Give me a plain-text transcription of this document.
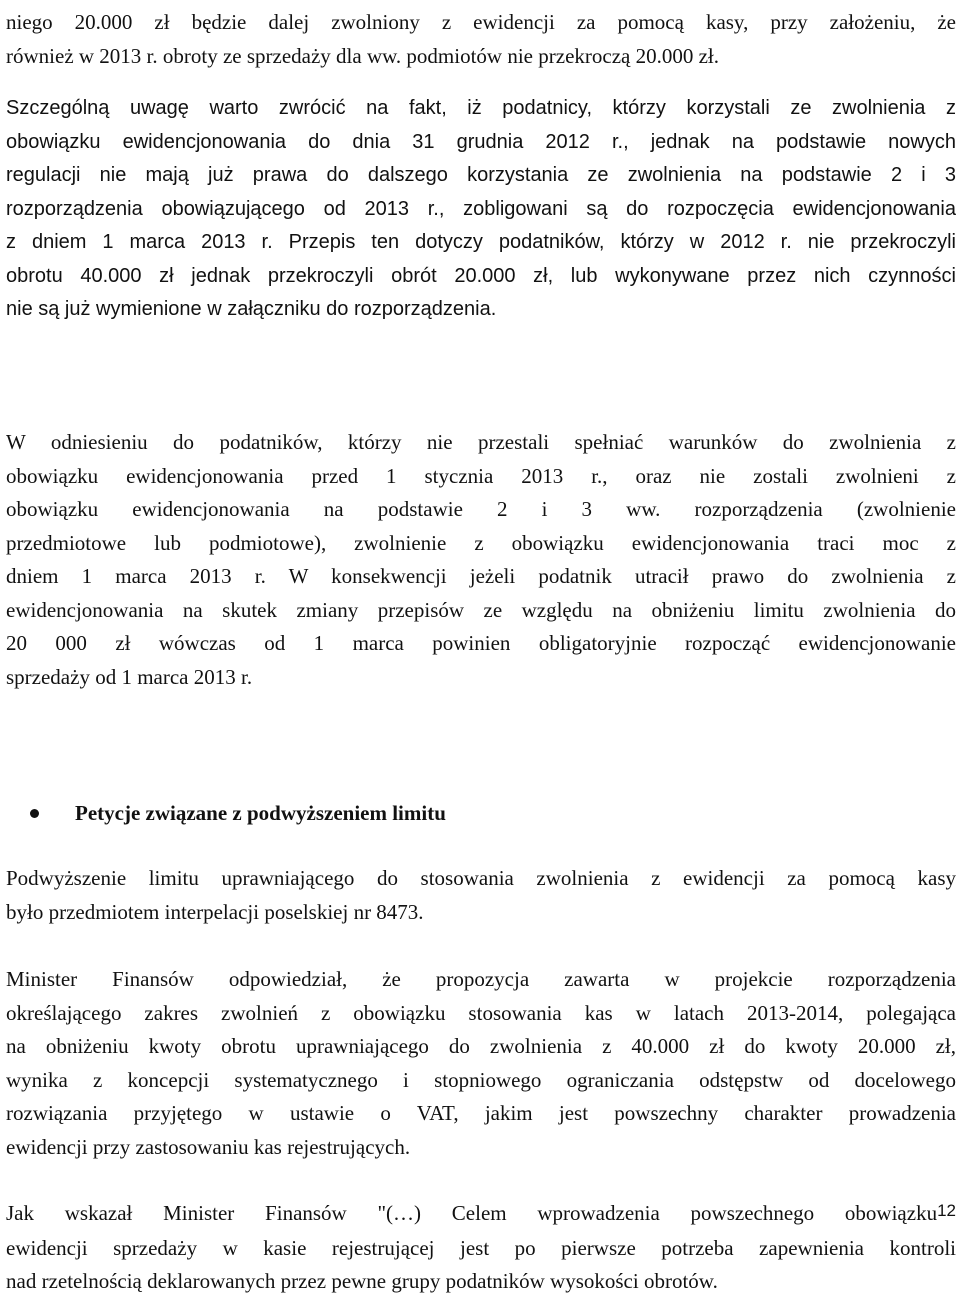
niego 20.000 zł będzie dalej zwolniony z ewidencji za pomocą kasy, przy założeniu, że
również w 2013 r. obroty ze sprzedaży dla ww. podmiotów nie przekroczą 20.000 zł.

Szczególną uwagę warto zwrócić na fakt, iż podatnicy, którzy korzystali ze zwolnienia z
obowiązku ewidencjonowania do dnia 31 grudnia 2012 r., jednak na podstawie nowych
regulacji nie mają już prawa do dalszego korzystania ze zwolnienia na podstawie 2 i 3
rozporządzenia obowiązującego od 2013 r., zobligowani są do rozpoczęcia ewidencjonowania
z dniem 1 marca 2013 r. Przepis ten dotyczy podatników, którzy w 2012 r. nie przekroczyli
obrotu 40.000 zł jednak przekroczyli obrót 20.000 zł, lub wykonywane przez nich czynności
nie są już wymienione w załączniku do rozporządzenia.

W odniesieniu do podatników, którzy nie przestali spełniać warunków do zwolnienia z
obowiązku ewidencjonowania przed 1 stycznia 2013 r., oraz nie zostali zwolnieni z
obowiązku ewidencjonowania na podstawie 2 i 3 ww. rozporządzenia (zwolnienie
przedmiotowe lub podmiotowe), zwolnienie z obowiązku ewidencjonowania traci moc z
dniem 1 marca 2013 r. W konsekwencji jeżeli podatnik utracił prawo do zwolnienia z
ewidencjonowania na skutek zmiany przepisów ze względu na obniżeniu limitu zwolnienia do
20 000 zł wówczas od 1 marca powinien obligatoryjnie rozpocząć ewidencjonowanie
sprzedaży od 1 marca 2013 r.

Petycje związane z podwyższeniem limitu

Podwyższenie limitu uprawniającego do stosowania zwolnienia z ewidencji za pomocą kasy
było przedmiotem interpelacji poselskiej nr 8473.

Minister Finansów odpowiedział, że propozycja zawarta w projekcie rozporządzenia
określającego zakres zwolnień z obowiązku stosowania kas w latach 2013-2014, polegająca
na obniżeniu kwoty obrotu uprawniającego do zwolnienia z 40.000 zł do kwoty 20.000 zł,
wynika z koncepcji systematycznego i stopniowego ograniczania odstępstw od docelowego
rozwiązania przyjętego w ustawie o VAT, jakim jest powszechny charakter prowadzenia
ewidencji przy zastosowaniu kas rejestrujących.

Jak wskazał Minister Finansów "(…) Celem wprowadzenia powszechnego obowiązku12
ewidencji sprzedaży w kasie rejestrującej jest po pierwsze potrzeba zapewnienia kontroli
nad rzetelnością deklarowanych przez pewne grupy podatników wysokości obrotów.
